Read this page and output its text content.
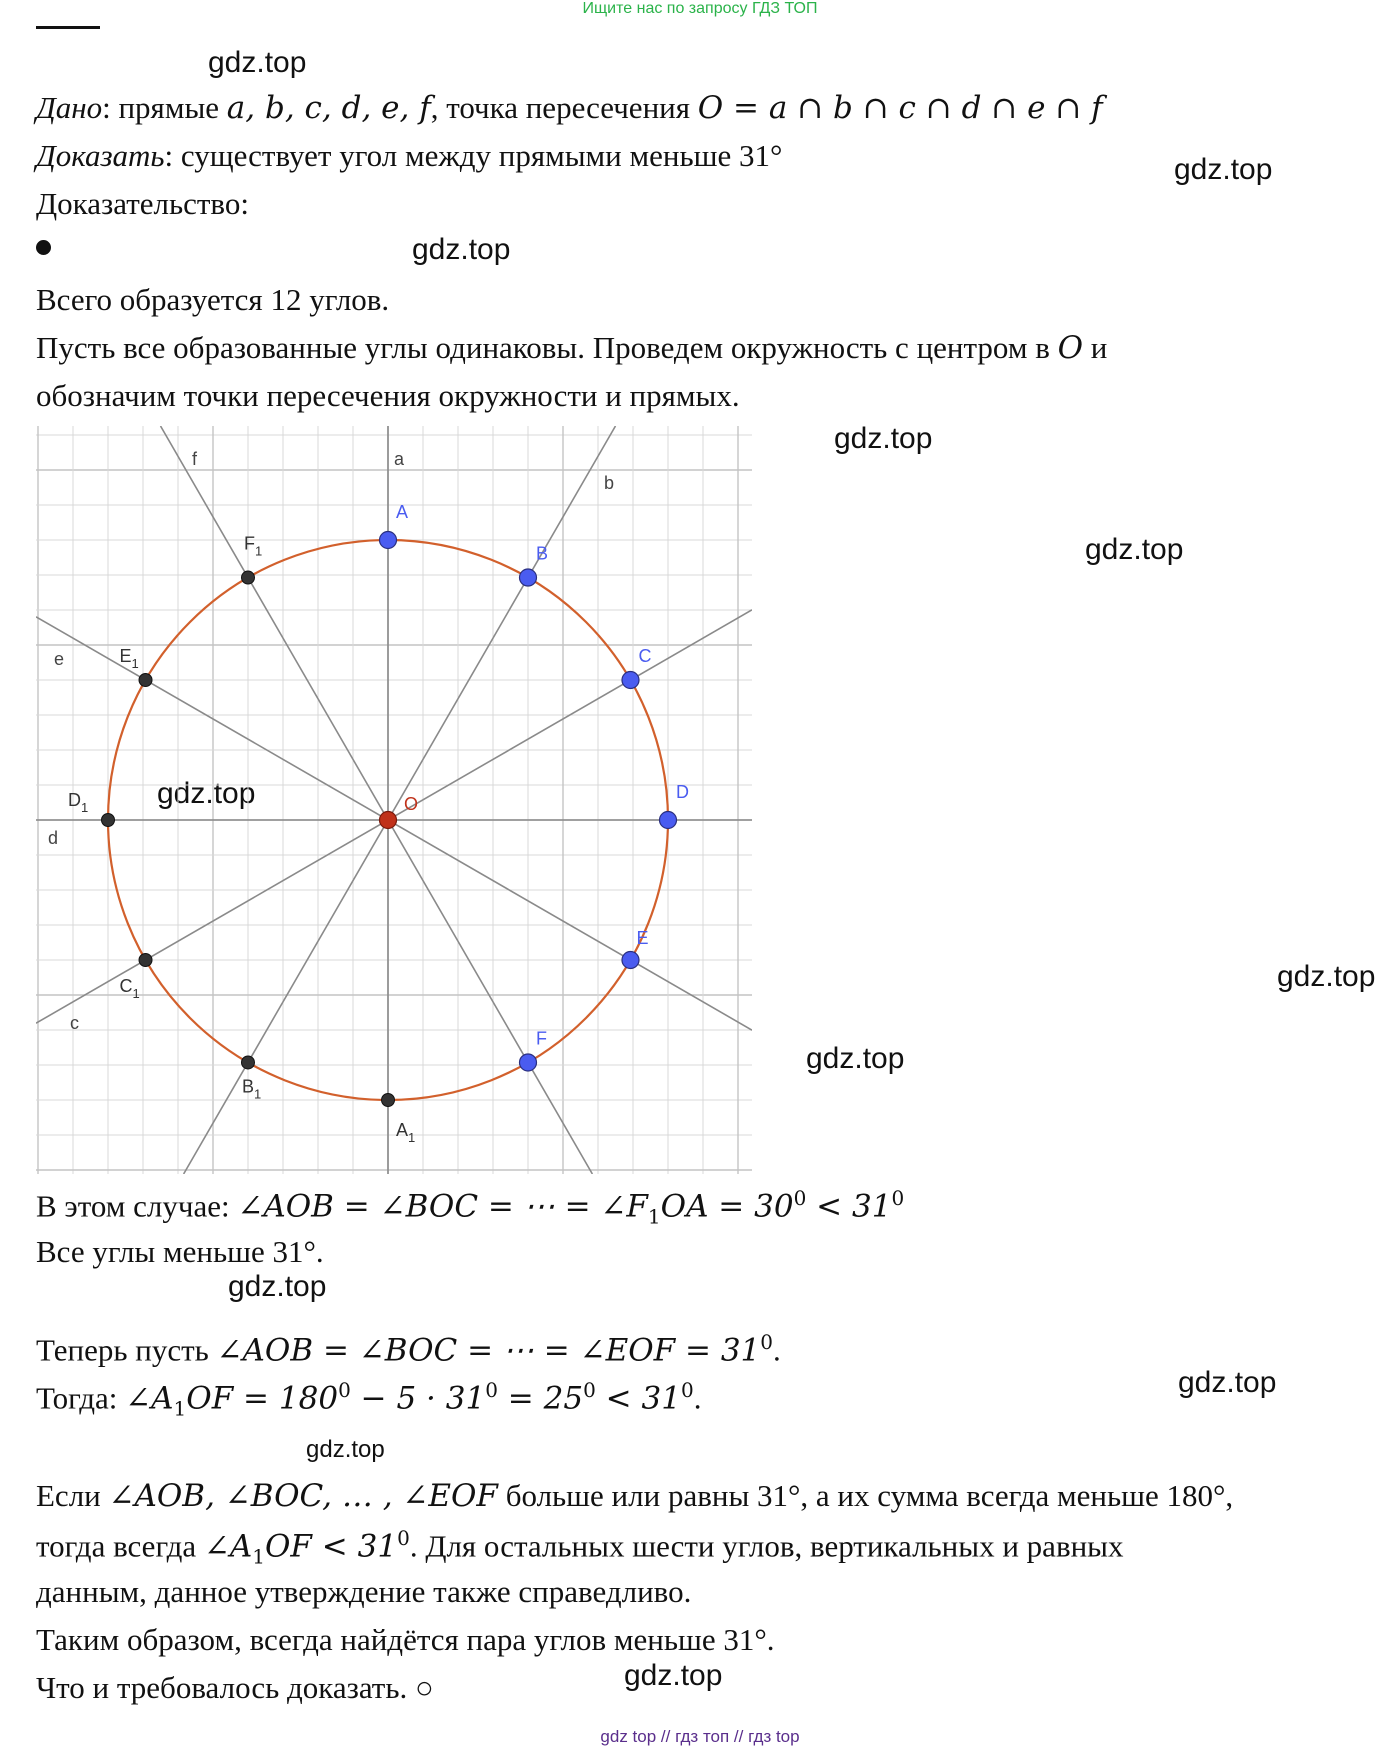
Ищите нас по запросу ГДЗ ТОП
gdz.top
gdz.top
gdz.top
gdz.top
gdz.top
gdz.top
gdz.top
gdz.top
gdz.top
gdz.top
gdz.top
gdz.top
Дано: прямые a, b, c, d, e, f, точка пересечения O = a ∩ b ∩ c ∩ d ∩ e ∩ f
Доказать: существует угол между прямыми меньше 31°
Доказательство:
Всего образуется 12 углов.
Пусть все образованные углы одинаковы. Проведем окружность с центром в O и
обозначим точки пересечения окружности и прямых.
a
b
c
d
e
f
A
$A_1$
B
$B_1$
C
$C_1$
D
$D_1$
E
$E_1$
F
$F_1$
O
В этом случае: ∠AOB = ∠BOC = ⋯ = $\angle F_1OA = 30^0 < 31^0$
Все углы меньше 31°.
Теперь пусть ∠AOB = ∠BOC = ⋯ = ∠EOF = $31^0$.
Тогда: $\angle A_1OF = 180^0 - 5 \cdot 31^0 = 25^0 < 31^0$.
Если ∠AOB, ∠BOC, … , ∠EOF больше или равны 31°, а их сумма всегда меньше 180°,
тогда всегда $\angle A_1OF < 31^0$. Для остальных шести углов, вертикальных и равных
данным, данное утверждение также справедливо.
Таким образом, всегда найдётся пара углов меньше 31°.
Что и требовалось доказать. ○
gdz top // гдз топ // гдз top
